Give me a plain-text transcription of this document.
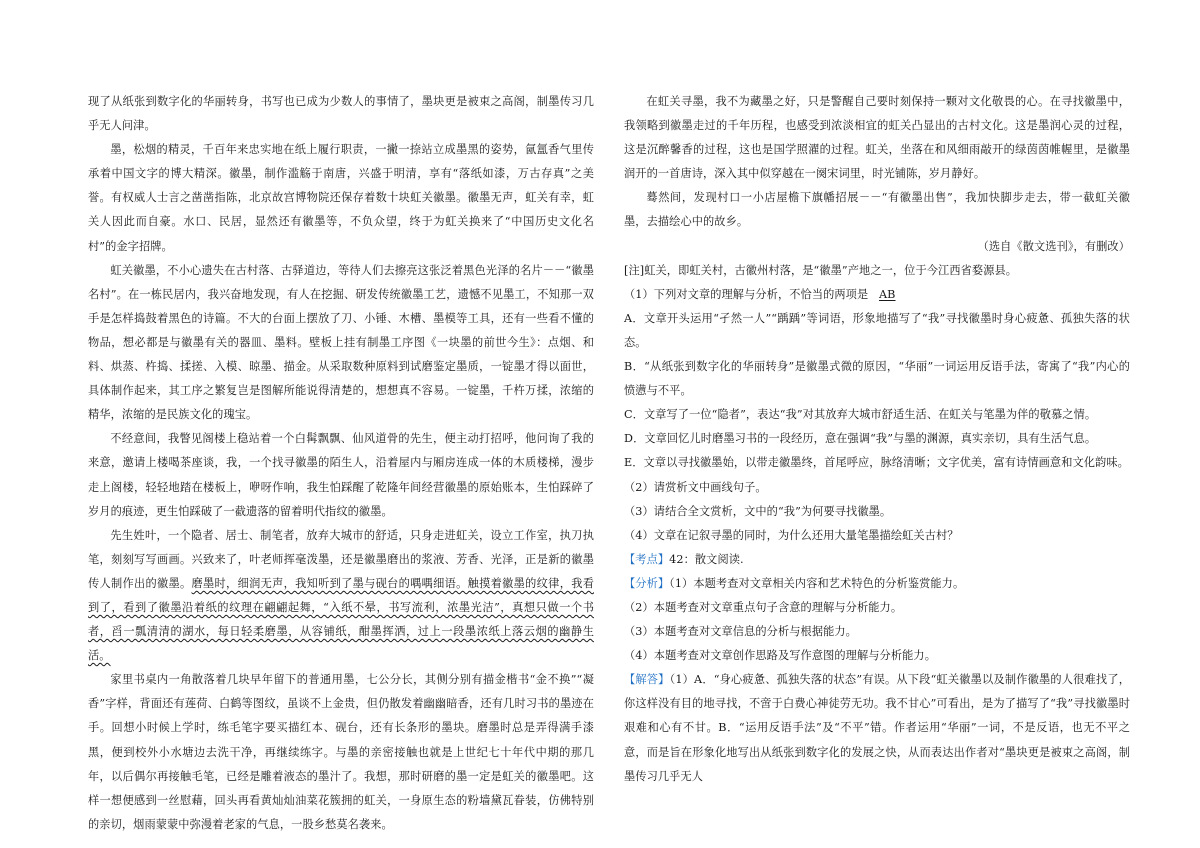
现了从纸张到数字化的华丽转身，书写也已成为少数人的事情了，墨块更是被束之高阁，制墨传习几乎无人问津。

墨，松烟的精灵，千百年来忠实地在纸上履行职责，一撇一捺站立成墨黑的姿势，氤氲香气里传承着中国文字的博大精深。徽墨，制作滥觞于南唐，兴盛于明清，享有“落纸如漆，万古存真”之美誉。有权威人士言之凿凿指陈，北京故宫博物院还保存着数十块虹关徽墨。徽墨无声，虹关有幸，虹关人因此而自豪。水口、民居，显然还有徽墨等，不负众望，终于为虹关换来了“中国历史文化名村”的金字招牌。

虹关徽墨，不小心遗失在古村落、古驿道边，等待人们去擦亮这张泛着黑色光泽的名片－－“徽墨名村”。在一栋民居内，我兴奋地发现，有人在挖掘、研发传统徽墨工艺，遗憾不见墨工，不知那一双手是怎样捣鼓着黑色的诗篇。不大的台面上摆放了刀、小锤、木槽、墨模等工具，还有一些看不懂的物品，想必都是与徽墨有关的器皿、墨料。壁板上挂有制墨工序图《一块墨的前世今生》：点烟、和料、烘蒸、杵捣、揉搓、入模、晾墨、描金。从采取数种原料到试磨鉴定墨质，一锭墨才得以面世，具体制作起来，其工序之繁复岂是图解所能说得清楚的，想想真不容易。一锭墨，千杵万揉，浓缩的精华，浓缩的是民族文化的瑰宝。

不经意间，我瞥见阁楼上稳站着一个白髯飘飘、仙风道骨的先生，便主动打招呼，他问询了我的来意，邀请上楼喝茶座谈，我，一个找寻徽墨的陌生人，沿着屋内与厢房连成一体的木质楼梯，漫步走上阁楼，轻轻地踏在楼板上，咿呀作响，我生怕踩醒了乾隆年间经营徽墨的原始账本，生怕踩碎了岁月的痕迹，更生怕踩破了一截遗落的留着明代指纹的徽墨。

先生姓叶，一个隐者、居士、制笔者，放弃大城市的舒适，只身走进虹关，设立工作室，执刀执笔，刻刻写写画画。兴致来了，叶老师挥毫泼墨，还是徽墨磨出的浆液、芳香、光泽，正是新的徽墨传人制作出的徽墨。磨墨时，细润无声，我知听到了墨与砚台的喁喁细语。触摸着徽墨的纹律，我看到了，看到了徽墨沿着纸的纹理在翩翩起舞，“入纸不晕，书写流利，浓墨光洁”，真想只做一个书者，舀一瓢清清的湖水，每日轻柔磨墨，从容铺纸，酣墨挥洒，过上一段墨浓纸上落云烟的幽静生活。

家里书桌内一角散落着几块早年留下的普通用墨，七公分长，其侧分别有描金楷书“金不换”“凝香”字样，背面还有莲荷、白鹤等图纹，虽谈不上金贵，但仍散发着幽幽暗香，还有几时习书的墨迹在手。回想小时候上学时，练毛笔字要买描红本、砚台，还有长条形的墨块。磨墨时总是弄得满手漆黑，便到校外小水塘边去洗干净，再继续练字。与墨的亲密接触也就是上世纪七十年代中期的那几年，以后偶尔再接触毛笔，已经是雕着液态的墨汁了。我想，那时研磨的墨一定是虹关的徽墨吧。这样一想便感到一丝慰藉，回头再看黄灿灿油菜花簇拥的虹关，一身原生态的粉墙黛瓦眷装，仿佛特别的亲切，烟雨蒙蒙中弥漫着老家的气息，一股乡愁莫名袭来。

在虹关寻墨，我不为藏墨之好，只是警醒自己要时刻保持一颗对文化敬畏的心。在寻找徽墨中，我领略到徽墨走过的千年历程，也感受到浓淡相宜的虹关凸显出的古村文化。这是墨润心灵的过程，这是沉醉馨香的过程，这也是国学照濯的过程。虹关，坐落在和风细雨敲开的绿茵茵帷幄里，是徽墨润开的一首唐诗，深入其中似穿越在一阕宋词里，时光铺陈，岁月静好。

蓦然间，发现村口一小店屋檐下旗幡招展－－“有徽墨出售”，我加快脚步走去，带一截虹关徽墨，去描绘心中的故乡。

（选自《散文选刊》，有删改）

[注]虹关，即虹关村，古徽州村落，是“徽墨”产地之一，位于今江西省婺源县。

（1）下列对文章的理解与分析，不恰当的两项是 AB

A．文章开头运用“孑然一人”“踽踽”等词语，形象地描写了“我”寻找徽墨时身心疲惫、孤独失落的状态。

B．“从纸张到数字化的华丽转身”是徽墨式微的原因，“华丽”一词运用反语手法，寄寓了“我”内心的愤懑与不平。

C．文章写了一位“隐者”，表达“我”对其放弃大城市舒适生活、在虹关与笔墨为伴的敬慕之情。

D．文章回忆儿时磨墨习书的一段经历，意在强调“我”与墨的渊源，真实亲切，具有生活气息。

E．文章以寻找徽墨始，以带走徽墨终，首尾呼应，脉络清晰；文字优美，富有诗情画意和文化韵味。

（2）请赏析文中画线句子。

（3）请结合全文赏析，文中的“我”为何要寻找徽墨。

（4）文章在记叙寻墨的同时，为什么还用大量笔墨描绘虹关古村？

【考点】42：散文阅读.

【分析】（1）本题考查对文章相关内容和艺术特色的分析鉴赏能力。

（2）本题考查对文章重点句子含意的理解与分析能力。

（3）本题考查对文章信息的分析与根据能力。

（4）本题考查对文章创作思路及写作意图的理解与分析能力。

【解答】（1）A．“身心疲惫、孤独失落的状态”有误。从下段“虹关徽墨以及制作徽墨的人很难找了，你这样没有目的地寻找，不啻于白费心神徒劳无功。我不甘心”可看出，是为了描写了“我”寻找徽墨时艰难和心有不甘。B．“运用反语手法”及“不平”错。作者运用“华丽”一词，不是反语，也无不平之意，而是旨在形象化地写出从纸张到数字化的发展之快，从而表达出作者对“墨块更是被束之高阁，制墨传习几乎无人
